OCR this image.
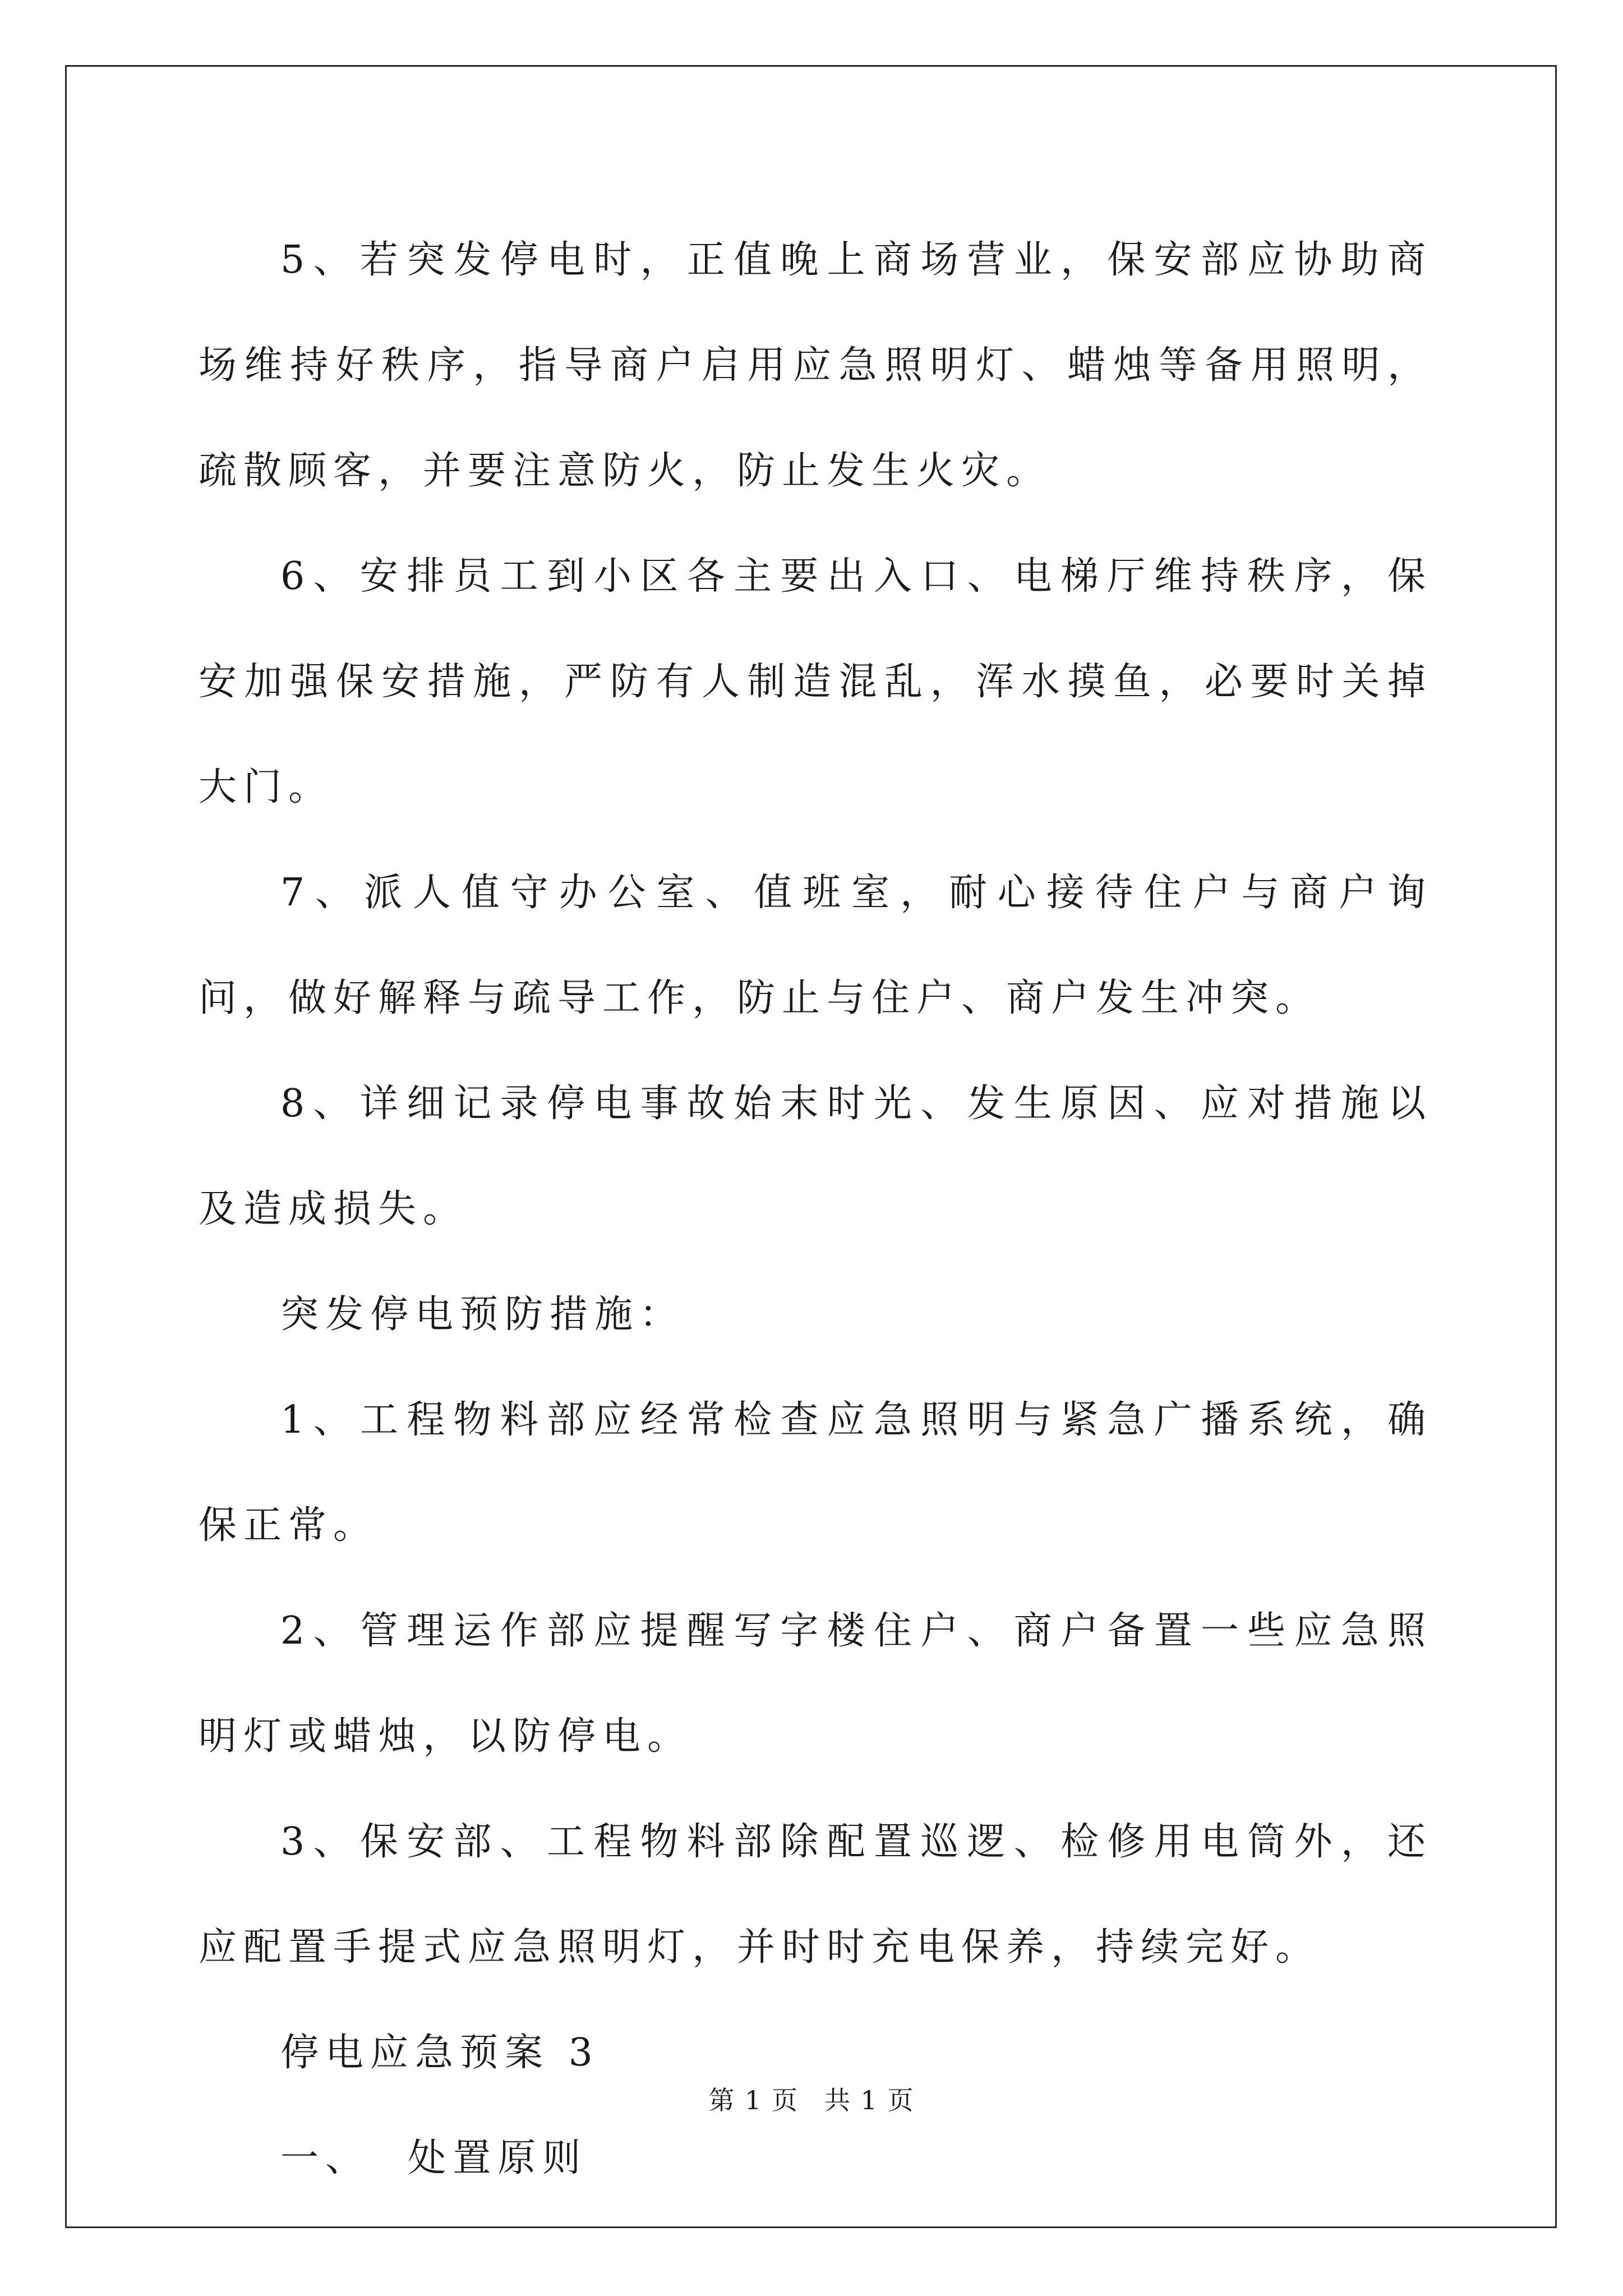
5、若突发停电时，正值晚上商场营业，保安部应协助商场维持好秩序，指导商户启用应急照明灯、蜡烛等备用照明，疏散顾客，并要注意防火，防止发生火灾。

6、安排员工到小区各主要出入口、电梯厅维持秩序，保安加强保安措施，严防有人制造混乱，浑水摸鱼，必要时关掉大门。

7、派人值守办公室、值班室，耐心接待住户与商户询问，做好解释与疏导工作，防止与住户、商户发生冲突。

8、详细记录停电事故始末时光、发生原因、应对措施以及造成损失。

突发停电预防措施：

1、工程物料部应经常检查应急照明与紧急广播系统，确保正常。

2、管理运作部应提醒写字楼住户、商户备置一些应急照明灯或蜡烛，以防停电。

3、保安部、工程物料部除配置巡逻、检修用电筒外，还应配置手提式应急照明灯，并时时充电保养，持续完好。

停电应急预案 3

一、  处置原则

第 1 页 共 1 页
